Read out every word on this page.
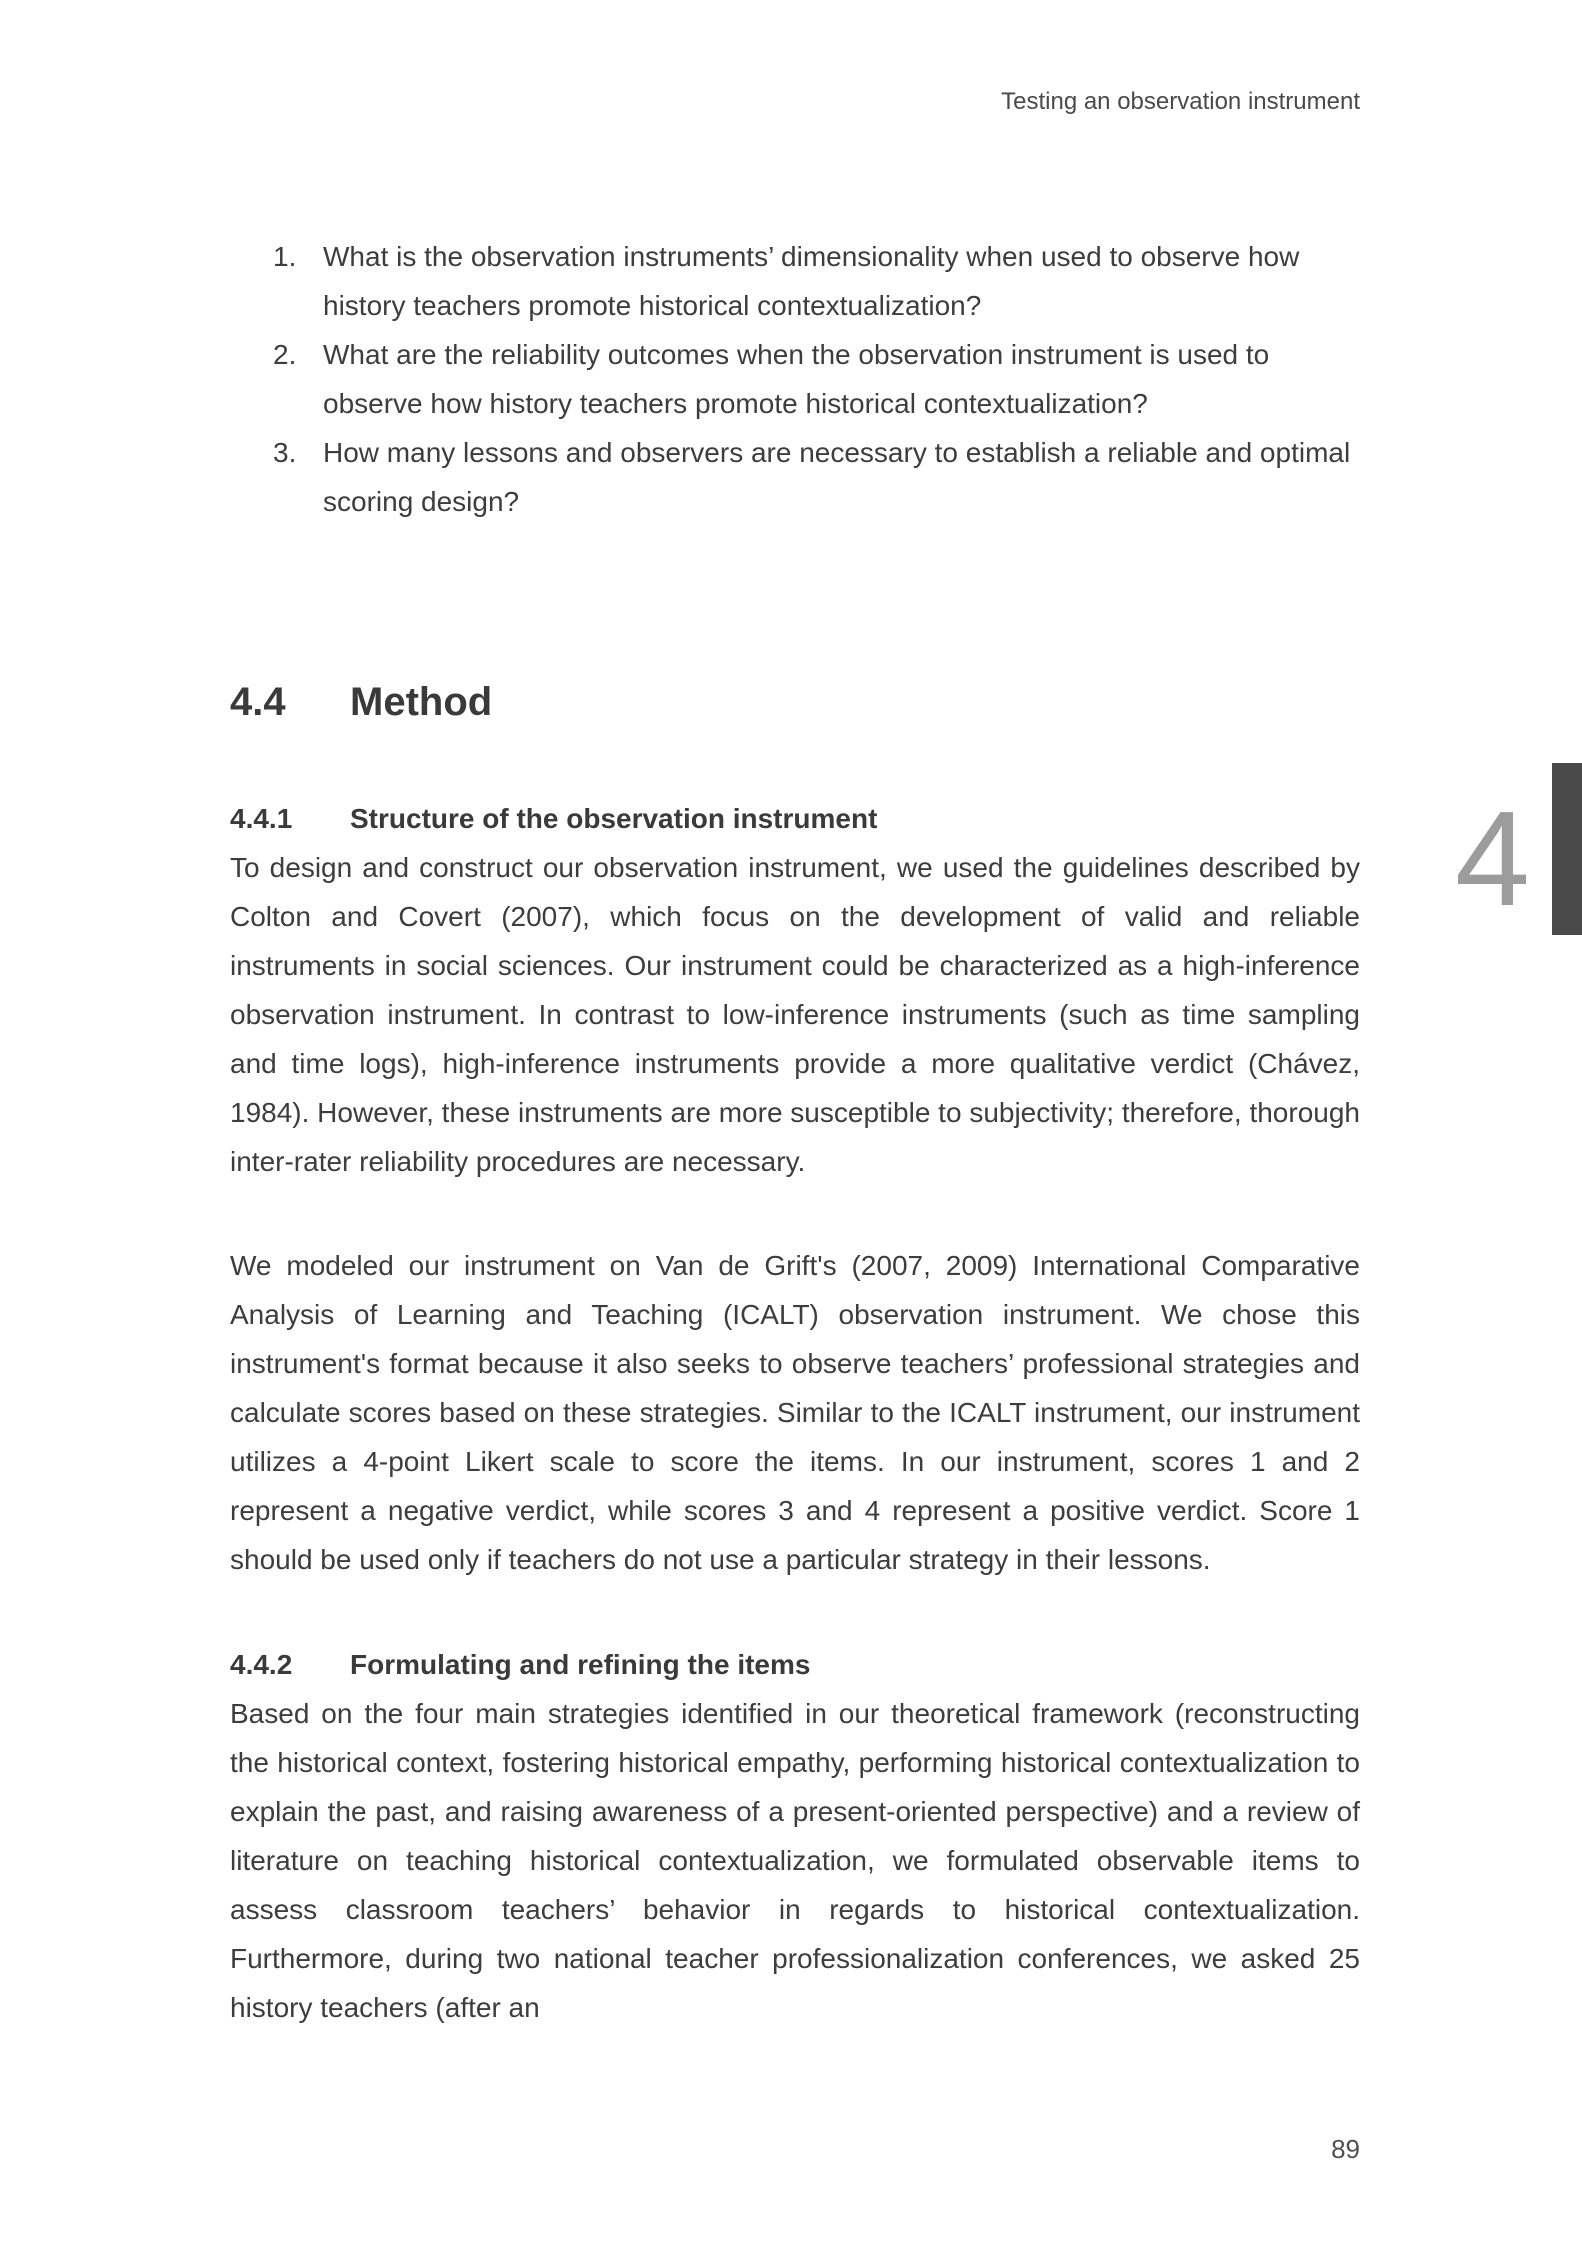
Testing an observation instrument
1. What is the observation instruments’ dimensionality when used to observe how history teachers promote historical contextualization?
2. What are the reliability outcomes when the observation instrument is used to observe how history teachers promote historical contextualization?
3. How many lessons and observers are necessary to establish a reliable and optimal scoring design?
4.4	Method
4.4.1	Structure of the observation instrument

To design and construct our observation instrument, we used the guidelines described by Colton and Covert (2007), which focus on the development of valid and reliable instruments in social sciences. Our instrument could be characterized as a high-inference observation instrument. In contrast to low-inference instruments (such as time sampling and time logs), high-inference instruments provide a more qualitative verdict (Chávez, 1984). However, these instruments are more susceptible to subjectivity; therefore, thorough inter-rater reliability procedures are necessary.

We modeled our instrument on Van de Grift's (2007, 2009) International Comparative Analysis of Learning and Teaching (ICALT) observation instrument. We chose this instrument's format because it also seeks to observe teachers’ professional strategies and calculate scores based on these strategies. Similar to the ICALT instrument, our instrument utilizes a 4-point Likert scale to score the items. In our instrument, scores 1 and 2 represent a negative verdict, while scores 3 and 4 represent a positive verdict. Score 1 should be used only if teachers do not use a particular strategy in their lessons.

4.4.2	Formulating and refining the items

Based on the four main strategies identified in our theoretical framework (reconstructing the historical context, fostering historical empathy, performing historical contextualization to explain the past, and raising awareness of a present-oriented perspective) and a review of literature on teaching historical contextualization, we formulated observable items to assess classroom teachers’ behavior in regards to historical contextualization. Furthermore, during two national teacher professionalization conferences, we asked 25 history teachers (after an

4
89
